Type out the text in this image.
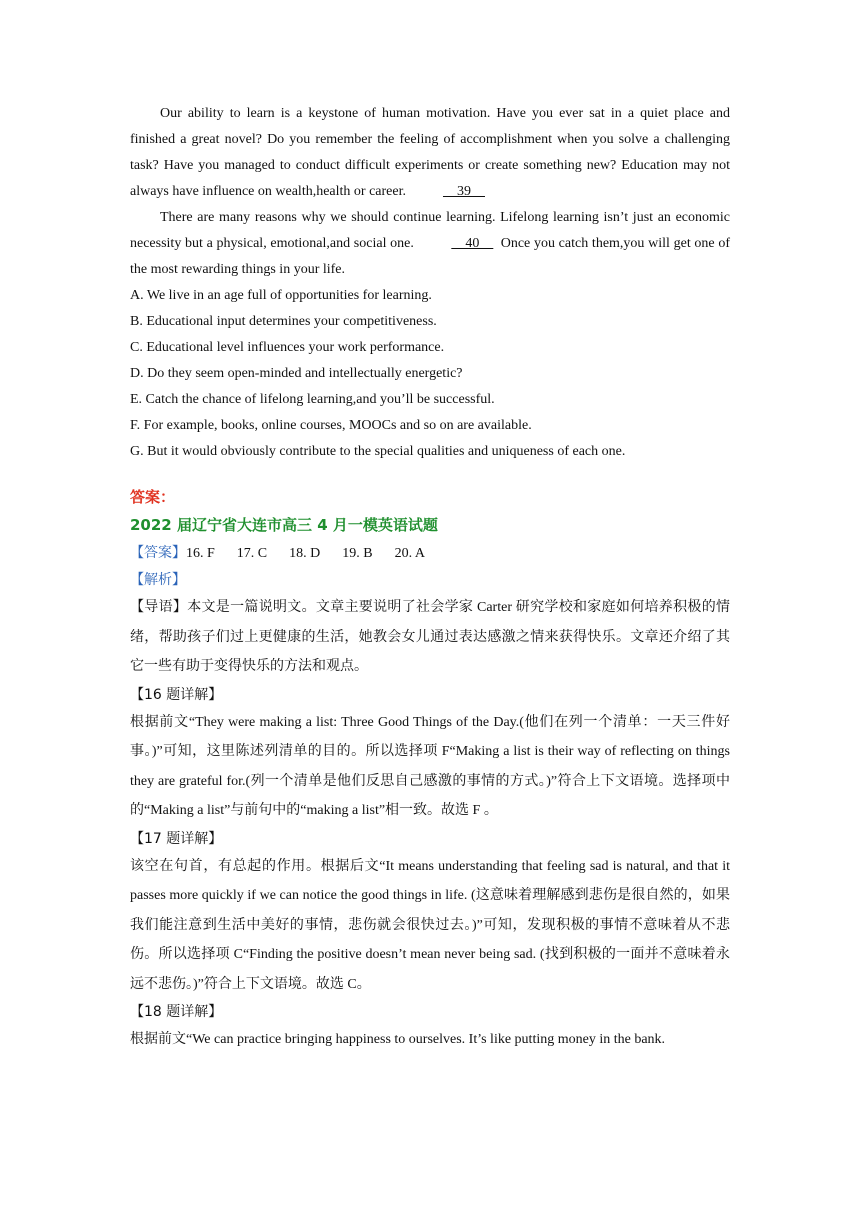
Our ability to learn is a keystone of human motivation. Have you ever sat in a quiet place and finished a great novel? Do you remember the feeling of accomplishment when you solve a challenging task? Have you managed to conduct difficult experiments or create something new? Education may not always have influence on wealth,health or career.	39

There are many reasons why we should continue learning. Lifelong learning isn’t just an economic necessity but a physical, emotional,and social one.	40      Once you catch them,you will get one of the most rewarding things in your life.

A. We live in an age full of opportunities for learning.

B. Educational input determines your competitiveness.

C. Educational level influences your work performance.

D. Do they seem open-minded and intellectually energetic?

E. Catch the chance of lifelong learning,and you’ll be successful.

F. For example, books, online courses, MOOCs and so on are available.

G. But it would obviously contribute to the special qualities and uniqueness of each one.

答案：
2022 届辽宁省大连市高三 4 月一模英语试题

【答案】16. F 17. C 18. D 19. B 20. A

【解析】

【导语】本文是一篇说明文。文章主要说明了社会学家 Carter 研究学校和家庭如何培养积极的情绪，帮助孩子们过上更健康的生活，她教会女儿通过表达感激之情来获得快乐。文章还介绍了其它一些有助于变得快乐的方法和观点。

【16 题详解】

根据前文“They were making a list: Three Good Things of the Day.(他们在列一个清单：一天三件好事。)”可知，这里陈述列清单的目的。所以选择项 F“Making a list is their way of reflecting on things they are grateful for.(列一个清单是他们反思自己感激的事情的方式。)”符合上下文语境。选择项中的“Making a list”与前句中的“making a list”相一致。故选 F 。

【17 题详解】

该空在句首，有总起的作用。根据后文“It means understanding that feeling sad is natural, and that it passes more quickly if we can notice the good things in life. (这意味着理解感到悲伤是很自然的，如果我们能注意到生活中美好的事情，悲伤就会很快过去。)”可知，发现积极的事情不意味着从不悲伤。所以选择项 C“Finding the positive doesn’t mean never being sad. (找到积极的一面并不意味着永远不悲伤。)”符合上下文语境。故选 C。

【18 题详解】

根据前文“We can practice bringing happiness to ourselves. It’s like putting money in the bank.
